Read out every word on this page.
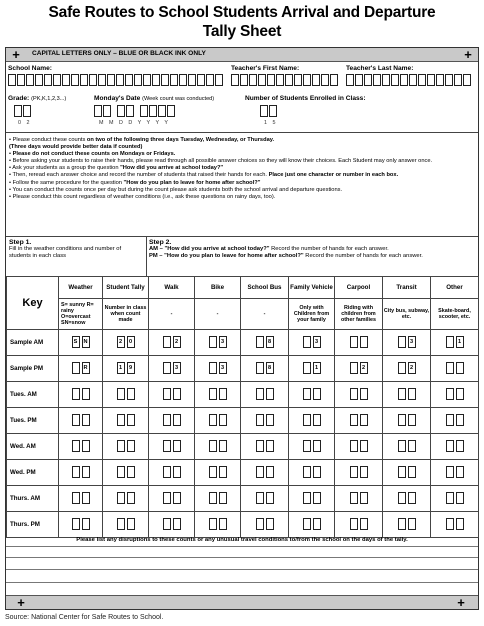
Safe Routes to School Students Arrival and Departure
Tally Sheet
+	CAPITAL LETTERS ONLY – BLUE OR BLACK INK ONLY	+
School Name:	Teacher's First Name:	Teacher's Last Name:
Grade: (PK,K,1,2,3...)	Monday's Date (Week count was conducted)	Number of Students Enrolled in Class:
0 2	M M D D Y Y Y Y	1 5

• Please conduct these counts on two of the following three days Tuesday, Wednesday, or Thursday.

(Three days would provide better data if counted)

• Please do not conduct these counts on Mondays or Fridays.

• Before asking your students to raise their hands, please read through all possible answer choices so they will know their choices. Each Student may only answer once.

• Ask your students as a group the question "How did you arrive at school today?"

• Then, reread each answer choice and record the number of students that raised their hands for each. Place just one character or number in each box.

• Follow the same procedure for the question "How do you plan to leave for home after school?"

• You can conduct the counts once per day but during the count please ask students both the school arrival and departure questions.

• Please conduct this count regardless of weather conditions (i.e., ask these questions on rainy days, too).

Step 1.
Fill in the weather conditions and number of students in each class
Step 2.
AM – "How did you arrive at school today?" Record the number of hands for each answer.
PM – "How do you plan to leave for home after school?" Record the number of hands for each answer.
Key	Weather	Student Tally	Walk	Bike	School Bus	Family Vehicle	Carpool	Transit	Other
	S= sunny R= rainy O=overcast SN=snow	Number in class when count made	-	-	-	Only with Children from your family	Riding with children from other families	City bus, subway, etc.	Skate-board, scooter, etc.
Sample AM	S N	2 0	2	3	8	3		3	1

Sample PM	R	1 9	3	3	8	1	2	2	

Tues. AM	

Tues. PM	

Wed. AM	

Wed. PM	

Thurs. AM	

Thurs. PM	

Please list any disruptions to these counts or any unusual travel conditions to/from the school on the days of the tally.
+	+
Source: National Center for Safe Routes to School.
